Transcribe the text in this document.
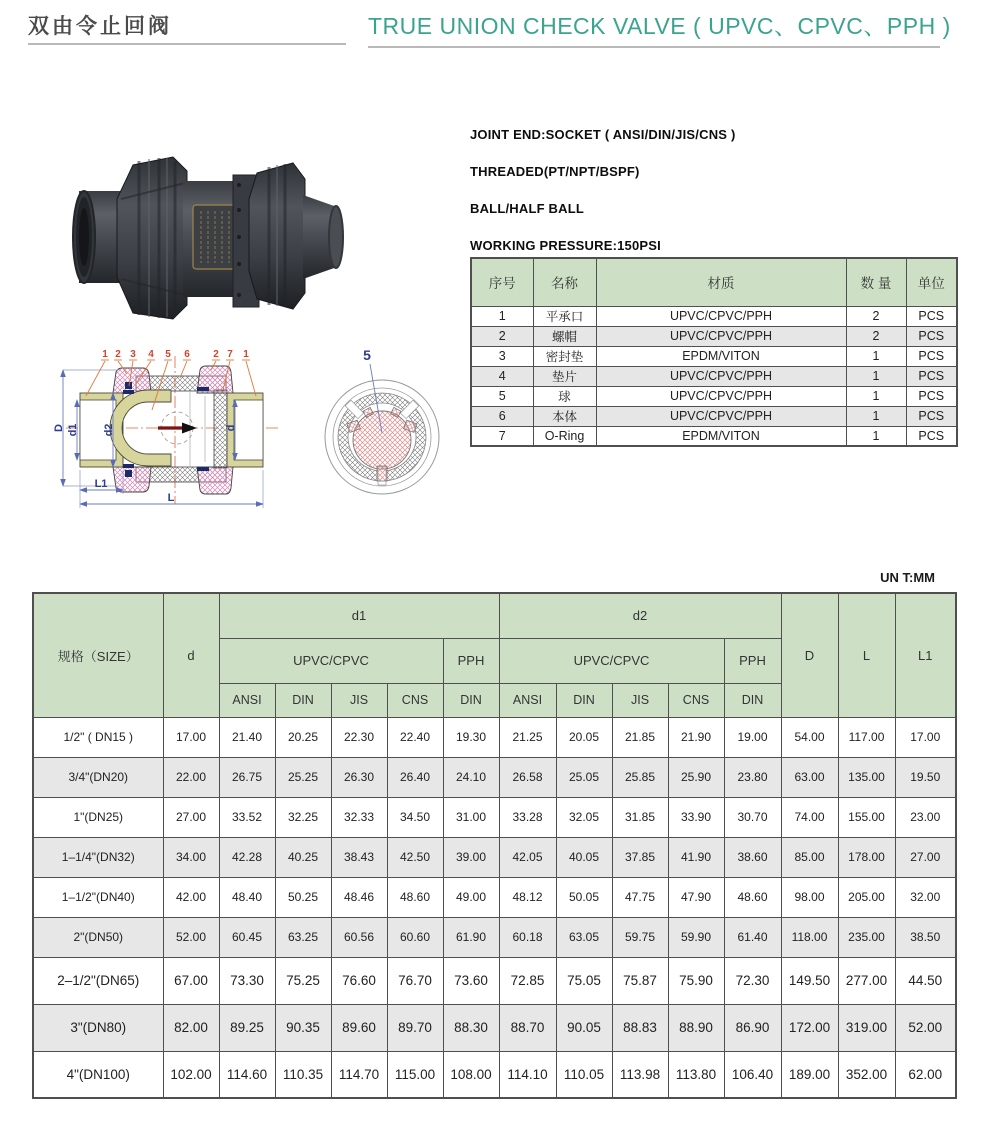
双由令止回阀	TRUE UNION CHECK VALVE ( UPVC、CPVC、PPH )
JOINT END:SOCKET ( ANSI/DIN/JIS/CNS )
THREADED(PT/NPT/BSPF)
BALL/HALF BALL
WORKING PRESSURE:150PSI
序号	名称	材质	数 量	单位
1	平承口	UPVC/CPVC/PPH	2	PCS
2	螺帽	UPVC/CPVC/PPH	2	PCS
3	密封垫	EPDM/VITON	1	PCS
4	垫片	UPVC/CPVC/PPH	1	PCS
5	球	UPVC/CPVC/PPH	1	PCS
6	本体	UPVC/CPVC/PPH	1	PCS
7	O-Ring	EPDM/VITON	1	PCS
D d1 d2	d
L1
L
1 2 3 4 5 6 2 7 1	5
UN T:MM
规格（SIZE）	d	d1					d2					D	L	L1
		UPVC/CPVC				PPH	UPVC/CPVC				PPH			
		ANSI	DIN	JIS	CNS	DIN	ANSI	DIN	JIS	CNS	DIN			
1/2" ( DN15 )	17.00	21.40	20.25	22.30	22.40	19.30	21.25	20.05	21.85	21.90	19.00	54.00	117.00	17.00
3/4"(DN20)	22.00	26.75	25.25	26.30	26.40	24.10	26.58	25.05	25.85	25.90	23.80	63.00	135.00	19.50
1"(DN25)	27.00	33.52	32.25	32.33	34.50	31.00	33.28	32.05	31.85	33.90	30.70	74.00	155.00	23.00
1–1/4"(DN32)	34.00	42.28	40.25	38.43	42.50	39.00	42.05	40.05	37.85	41.90	38.60	85.00	178.00	27.00
1–1/2"(DN40)	42.00	48.40	50.25	48.46	48.60	49.00	48.12	50.05	47.75	47.90	48.60	98.00	205.00	32.00
2"(DN50)	52.00	60.45	63.25	60.56	60.60	61.90	60.18	63.05	59.75	59.90	61.40	118.00	235.00	38.50
2–1/2"(DN65)	67.00	73.30	75.25	76.60	76.70	73.60	72.85	75.05	75.87	75.90	72.30	149.50	277.00	44.50
3"(DN80)	82.00	89.25	90.35	89.60	89.70	88.30	88.70	90.05	88.83	88.90	86.90	172.00	319.00	52.00
4"(DN100)	102.00	114.60	110.35	114.70	115.00	108.00	114.10	110.05	113.98	113.80	106.40	189.00	352.00	62.00
